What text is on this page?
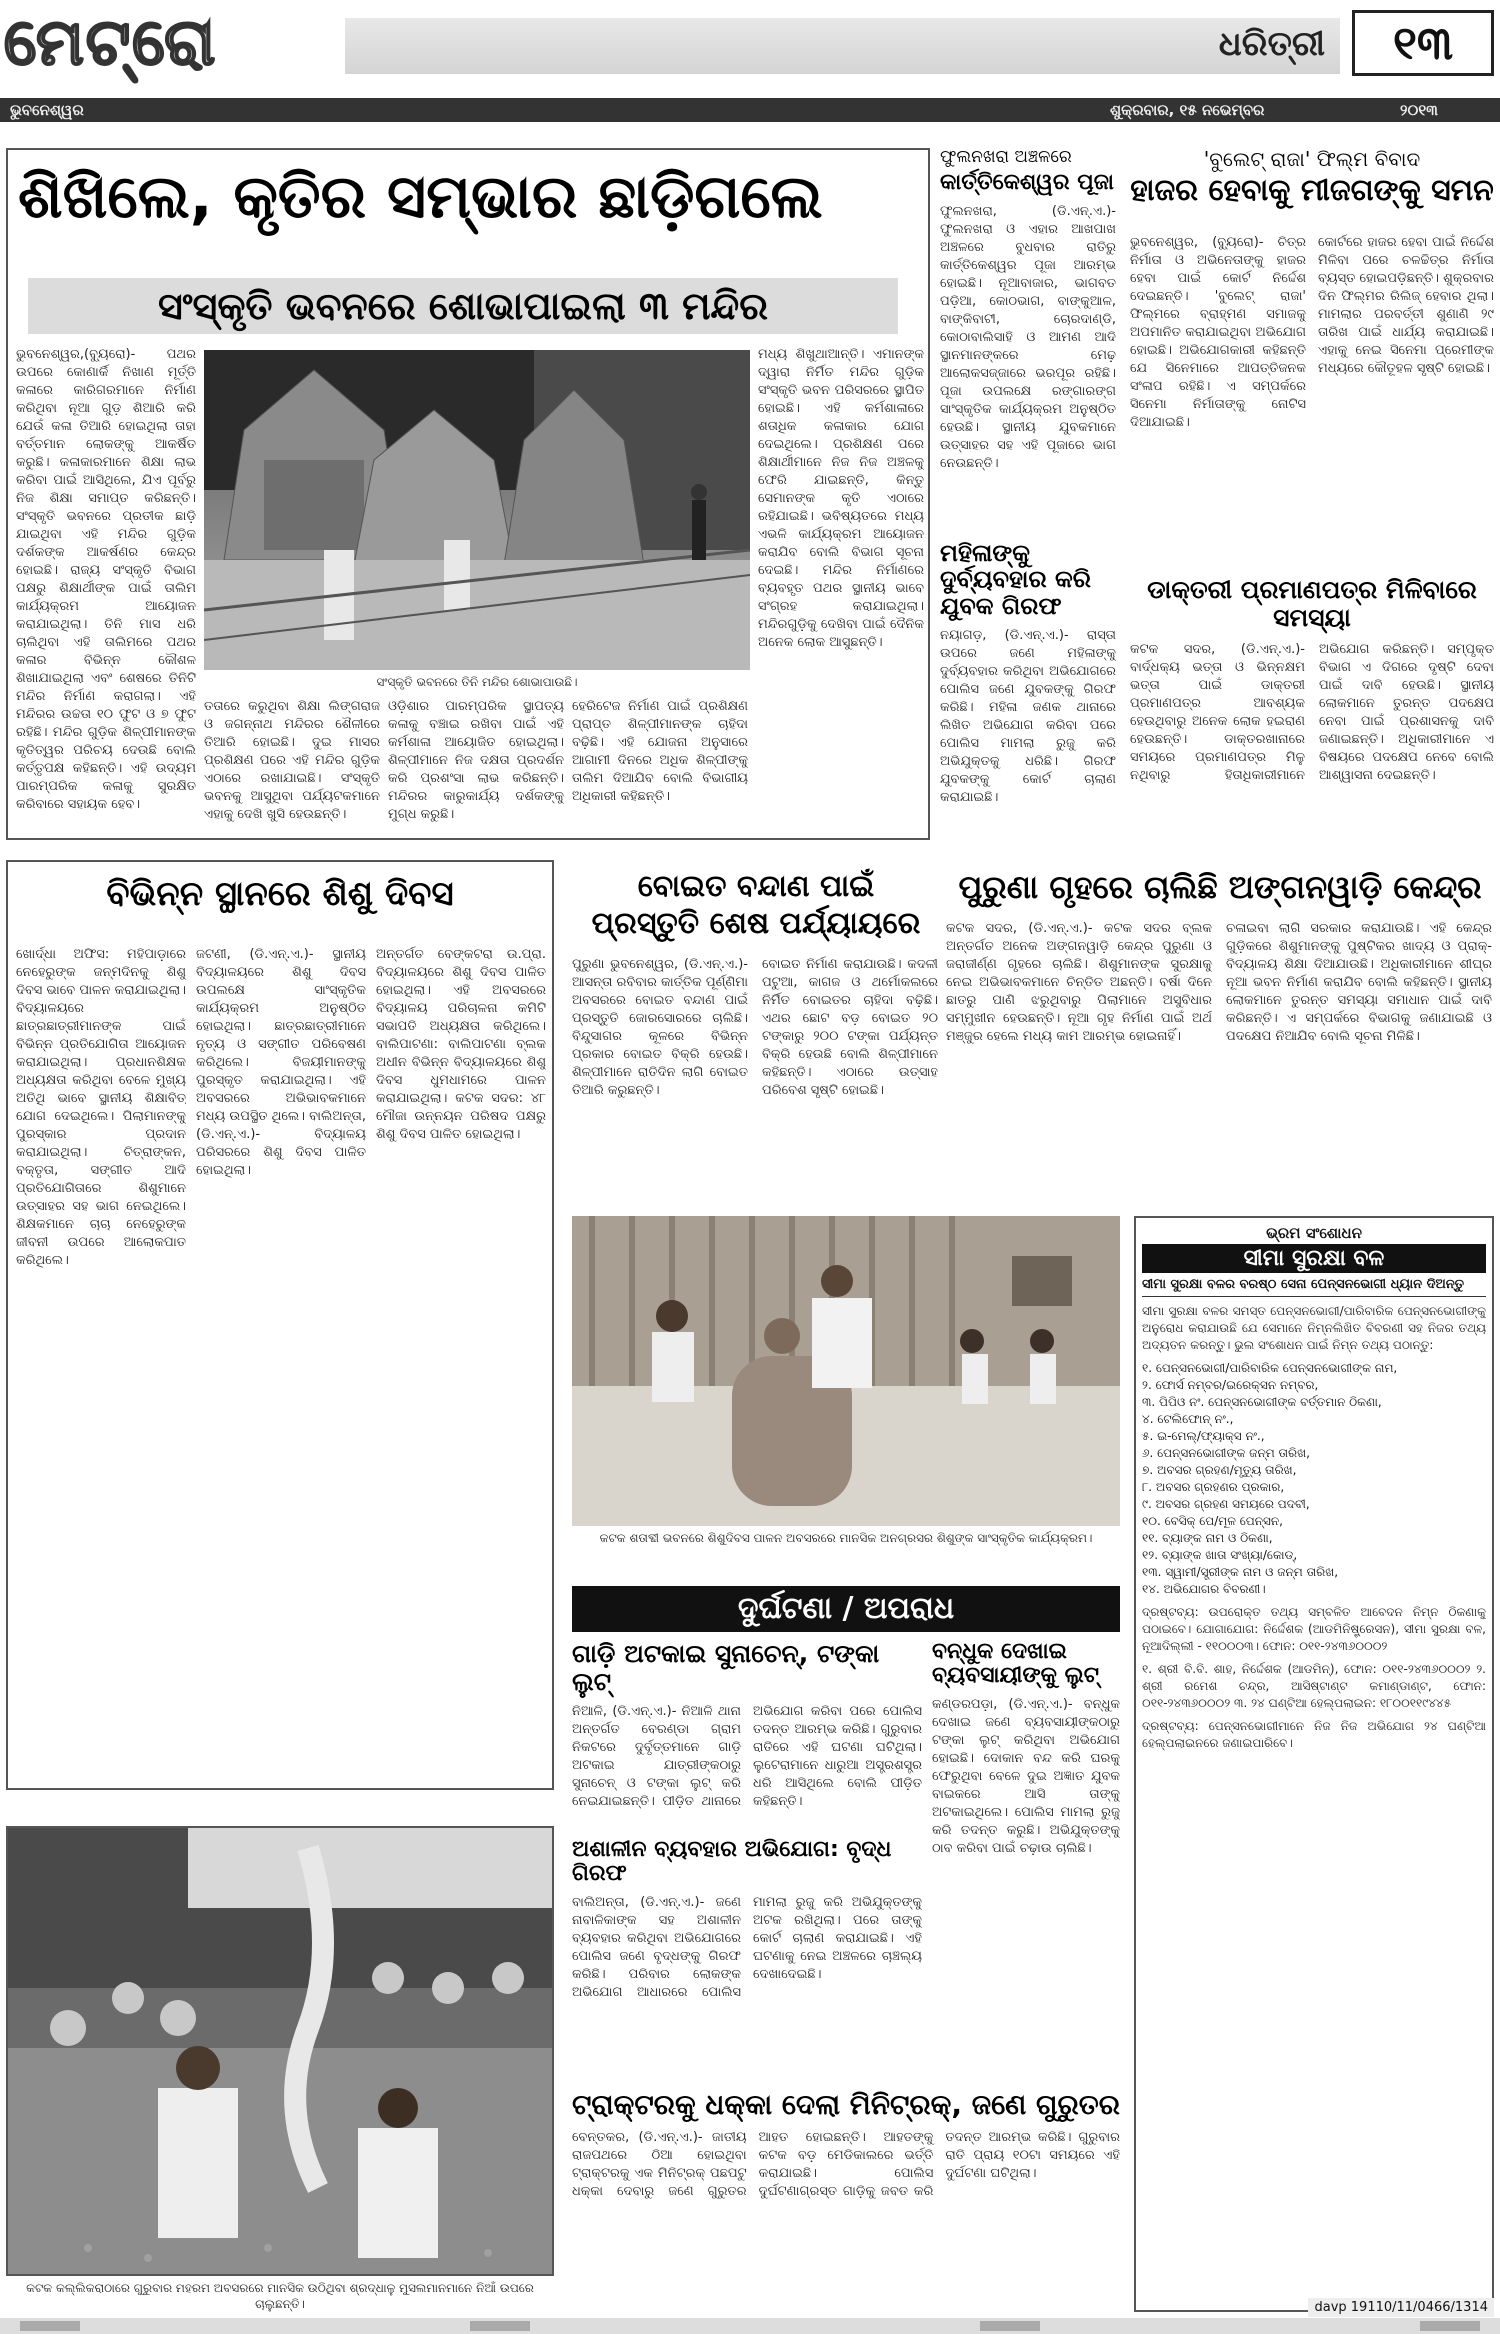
ମେଟ୍ରୋ	ଧରିତ୍ରୀ	୧୩
ଭୁବନେଶ୍ୱର	ଶୁକ୍ରବାର, ୧୫ ନଭେମ୍ବର	୨୦୧୩
ଶିଖିଲେ, କୃତିର ସମ୍ଭାର ଛାଡ଼ିଗଲେ
ସଂସ୍କୃତି ଭବନରେ ଶୋଭାପାଇଲା ୩ ମନ୍ଦିର
ଭୁବନେଶ୍ୱର,(ବ୍ୟୁରୋ)- ପଥର ଉପରେ କୋଣାର୍କି ନିଖାଣ ମୂର୍ତ୍ତି କଳାରେ କାରିଗରମାନେ ନିର୍ମାଣ କରିଥିବା ନୂଆ ଗୁଡ଼ ଶିଆରି କରି ଯେଉଁ କଳା ତିଆରି ହୋଇଥିଲା ତାହା ବର୍ତ୍ତମାନ ଲୋକଙ୍କୁ ଆକର୍ଷିତ କରୁଛି। କଳାକାରମାନେ ଶିକ୍ଷା ଲାଭ କରିବା ପାଇଁ ଆସିଥିଲେ, ଯିଏ ପୂର୍ବରୁ ନିଜ ଶିକ୍ଷା ସମାପ୍ତ କରିଛନ୍ତି। ସଂସ୍କୃତି ଭବନରେ ପ୍ରତୀକ ଛାଡ଼ି ଯାଇଥିବା ଏହି ମନ୍ଦିର ଗୁଡ଼ିକ ଦର୍ଶକଙ୍କ ଆକର୍ଷଣର କେନ୍ଦ୍ର ହୋଇଛି। ରାଜ୍ୟ ସଂସ୍କୃତି ବିଭାଗ ପକ୍ଷରୁ ଶିକ୍ଷାର୍ଥୀଙ୍କ ପାଇଁ ତାଲିମ କାର୍ଯ୍ୟକ୍ରମ ଆୟୋଜନ କରାଯାଇଥିଲା। ତିନି ମାସ ଧରି ଚାଲିଥିବା ଏହି ତାଲିମରେ ପଥର କଳାର ବିଭିନ୍ନ କୌଶଳ ଶିଖାଯାଇଥିଲା ଏବଂ ଶେଷରେ ତିନିଟି ମନ୍ଦିର ନିର୍ମାଣ କରାଗଲା। ଏହି ମନ୍ଦିରର ଉଚ୍ଚତା ୧୦ ଫୁଟ ଓ ୭ ଫୁଟ ରହିଛି। ମନ୍ଦିର ଗୁଡ଼ିକ ଶିଳ୍ପୀମାନଙ୍କ କୃତିତ୍ୱର ପରିଚୟ ଦେଉଛି ବୋଲି କର୍ତ୍ତୃପକ୍ଷ କହିଛନ୍ତି। ଏହି ଉଦ୍ୟମ ପାରମ୍ପରିକ କଳାକୁ ସୁରକ୍ଷିତ କରିବାରେ ସହାୟକ ହେବ।
ସଂସ୍କୃତି ଭବନରେ ତିନି ମନ୍ଦିର ଶୋଭାପାଉଛି।
ମଧ୍ୟ ଶିଖୁଥାଆନ୍ତି। ଏମାନଙ୍କ ଦ୍ୱାରା ନିର୍ମିତ ମନ୍ଦିର ଗୁଡ଼ିକ ସଂସ୍କୃତି ଭବନ ପରିସରରେ ସ୍ଥାପିତ ହୋଇଛି। ଏହି କର୍ମଶାଳାରେ ଶତାଧିକ କଳାକାର ଯୋଗ ଦେଇଥିଲେ। ପ୍ରଶିକ୍ଷଣ ପରେ ଶିକ୍ଷାର୍ଥୀମାନେ ନିଜ ନିଜ ଅଞ୍ଚଳକୁ ଫେରି ଯାଇଛନ୍ତି, କିନ୍ତୁ ସେମାନଙ୍କ କୃତି ଏଠାରେ ରହିଯାଇଛି। ଭବିଷ୍ୟତରେ ମଧ୍ୟ ଏଭଳି କାର୍ଯ୍ୟକ୍ରମ ଆୟୋଜନ କରାଯିବ ବୋଲି ବିଭାଗ ସୂଚନା ଦେଇଛି। ମନ୍ଦିର ନିର୍ମାଣରେ ବ୍ୟବହୃତ ପଥର ସ୍ଥାନୀୟ ଭାବେ ସଂଗ୍ରହ କରାଯାଇଥିଲା। ମନ୍ଦିରଗୁଡ଼ିକୁ ଦେଖିବା ପାଇଁ ଦୈନିକ ଅନେକ ଲୋକ ଆସୁଛନ୍ତି।
ତତାରେ କରୁଥିବା ଶିକ୍ଷା ଲିଙ୍ଗରାଜ ଓ ଜଗନ୍ନାଥ ମନ୍ଦିରର ଶୈଳୀରେ ତିଆରି ହୋଇଛି। ଦୁଇ ମାସର ପ୍ରଶିକ୍ଷଣ ପରେ ଏହି ମନ୍ଦିର ଗୁଡ଼ିକ ଏଠାରେ ରଖାଯାଇଛି। ସଂସ୍କୃତି ଭବନକୁ ଆସୁଥିବା ପର୍ଯ୍ୟଟକମାନେ ଏହାକୁ ଦେଖି ଖୁସି ହେଉଛନ୍ତି।
ଓଡ଼ିଶାର ପାରମ୍ପରିକ ସ୍ଥାପତ୍ୟ କଳାକୁ ବଞ୍ଚାଇ ରଖିବା ପାଇଁ ଏହି କର୍ମଶାଳା ଆୟୋଜିତ ହୋଇଥିଲା। ଶିଳ୍ପୀମାନେ ନିଜ ଦକ୍ଷତା ପ୍ରଦର୍ଶନ କରି ପ୍ରଶଂସା ଲାଭ କରିଛନ୍ତି। ମନ୍ଦିରର କାରୁକାର୍ଯ୍ୟ ଦର୍ଶକଙ୍କୁ ମୁଗ୍ଧ କରୁଛି।
ହେରିଟେଜ ନିର୍ମାଣ ପାଇଁ ପ୍ରଶିକ୍ଷଣ ପ୍ରାପ୍ତ ଶିଳ୍ପୀମାନଙ୍କ ଚାହିଦା ବଢ଼ିଛି। ଏହି ଯୋଜନା ଅନୁସାରେ ଆଗାମୀ ଦିନରେ ଅଧିକ ଶିଳ୍ପୀଙ୍କୁ ତାଲିମ ଦିଆଯିବ ବୋଲି ବିଭାଗୀୟ ଅଧିକାରୀ କହିଛନ୍ତି।
ଫୁଲନଖରା ଅଞ୍ଚଳରେ
କାର୍ତ୍ତିକେଶ୍ୱର ପୂଜା
ଫୁଲନଖରା, (ଡି.ଏନ୍.ଏ.)- ଫୁଲନଖରା ଓ ଏହାର ଆଖପାଖ ଅଞ୍ଚଳରେ ବୁଧବାର ରାତିରୁ କାର୍ତ୍ତିକେଶ୍ୱର ପୂଜା ଆରମ୍ଭ ହୋଇଛି। ନୂଆବାଜାର, ଭାଗବତ ପଡ଼ିଆ, କୋଠଭାଗ, ବାଙ୍କୁଆଳ, ବାଙ୍କିବାଟୀ, ଚୋରଦାଣ୍ଡି, କୋଠାବାଲିସାହି ଓ ଆମଣ ଆଦି ସ୍ଥାନମାନଙ୍କରେ ମେଢ଼ ଆଲୋକସଜ୍ଜାରେ ଭରପୂର ରହିଛି। ପୂଜା ଉପଲକ୍ଷେ ରଙ୍ଗାରଙ୍ଗ ସାଂସ୍କୃତିକ କାର୍ଯ୍ୟକ୍ରମ ଅନୁଷ୍ଠିତ ହେଉଛି। ସ୍ଥାନୀୟ ଯୁବକମାନେ ଉତ୍ସାହର ସହ ଏହି ପୂଜାରେ ଭାଗ ନେଉଛନ୍ତି।
ମହିଳାଙ୍କୁ ଦୁର୍ବ୍ୟବହାର କରି ଯୁବକ ଗିରଫ
ନୟାଗଡ଼, (ଡି.ଏନ୍.ଏ.)- ରାସ୍ତା ଉପରେ ଜଣେ ମହିଳାଙ୍କୁ ଦୁର୍ବ୍ୟବହାର କରିଥିବା ଅଭିଯୋଗରେ ପୋଲିସ ଜଣେ ଯୁବକଙ୍କୁ ଗିରଫ କରିଛି। ମହିଳା ଜଣକ ଥାନାରେ ଲିଖିତ ଅଭିଯୋଗ କରିବା ପରେ ପୋଲିସ ମାମଲା ରୁଜୁ କରି ଅଭିଯୁକ୍ତକୁ ଧରିଛି। ଗିରଫ ଯୁବକଙ୍କୁ କୋର୍ଟ ଚାଲାଣ କରାଯାଇଛି।
'ବୁଲେଟ୍ ରାଜା' ଫିଲ୍ମ ବିବାଦ
ହାଜର ହେବାକୁ ମୀଜଗଙ୍କୁ ସମନ
ଭୁବନେଶ୍ୱର, (ବ୍ୟୁରୋ)- ଚିତ୍ର ନିର୍ମାତା ଓ ଅଭିନେତାଙ୍କୁ ହାଜର ହେବା ପାଇଁ କୋର୍ଟ ନିର୍ଦ୍ଦେଶ ଦେଇଛନ୍ତି। 'ବୁଲେଟ୍ ରାଜା' ଫିଲ୍ମରେ ବ୍ରାହ୍ମଣ ସମାଜକୁ ଅପମାନିତ କରାଯାଇଥିବା ଅଭିଯୋଗ ହୋଇଛି। ଅଭିଯୋଗକାରୀ କହିଛନ୍ତି ଯେ ସିନେମାରେ ଆପତ୍ତିଜନକ ସଂଳାପ ରହିଛି। ଏ ସମ୍ପର୍କରେ ସିନେମା ନିର୍ମାତାଙ୍କୁ ନୋଟିସ ଦିଆଯାଇଛି।
କୋର୍ଟରେ ହାଜର ହେବା ପାଇଁ ନିର୍ଦ୍ଦେଶ ମିଳିବା ପରେ ଚଳଚ୍ଚିତ୍ର ନିର୍ମାତା ବ୍ୟସ୍ତ ହୋଇପଡ଼ିଛନ୍ତି। ଶୁକ୍ରବାର ଦିନ ଫିଲ୍ମର ରିଲିଜ୍ ହେବାର ଥିଲା। ମାମଲାର ପରବର୍ତ୍ତୀ ଶୁଣାଣି ୨୯ ତାରିଖ ପାଇଁ ଧାର୍ଯ୍ୟ କରାଯାଇଛି। ଏହାକୁ ନେଇ ସିନେମା ପ୍ରେମୀଙ୍କ ମଧ୍ୟରେ କୌତୂହଳ ସୃଷ୍ଟି ହୋଇଛି।
ଡାକ୍ତରୀ ପ୍ରମାଣପତ୍ର ମିଳିବାରେ ସମସ୍ୟା
କଟକ ସଦର, (ଡି.ଏନ୍.ଏ.)- ବାର୍ଦ୍ଧକ୍ୟ ଭତ୍ତା ଓ ଭିନ୍ନକ୍ଷମ ଭତ୍ତା ପାଇଁ ଡାକ୍ତରୀ ପ୍ରମାଣପତ୍ର ଆବଶ୍ୟକ ହେଉଥିବାରୁ ଅନେକ ଲୋକ ହଇରାଣ ହେଉଛନ୍ତି। ଡାକ୍ତରଖାନାରେ ସମୟରେ ପ୍ରମାଣପତ୍ର ମିଳୁ ନଥିବାରୁ ହିତାଧିକାରୀମାନେ ଅଭିଯୋଗ କରିଛନ୍ତି। ସମ୍ପୃକ୍ତ ବିଭାଗ ଏ ଦିଗରେ ଦୃଷ୍ଟି ଦେବା ପାଇଁ ଦାବି ହେଉଛି। ସ୍ଥାନୀୟ ଲୋକମାନେ ତୁରନ୍ତ ପଦକ୍ଷେପ ନେବା ପାଇଁ ପ୍ରଶାସନକୁ ଦାବି ଜଣାଇଛନ୍ତି। ଅଧିକାରୀମାନେ ଏ ବିଷୟରେ ପଦକ୍ଷେପ ନେବେ ବୋଲି ଆଶ୍ୱାସନା ଦେଇଛନ୍ତି।
ବିଭିନ୍ନ ସ୍ଥାନରେ ଶିଶୁ ଦିବସ
ଖୋର୍ଦ୍ଧା ଅଫିସ: ମହିପାଡ଼ାରେ ନେହେରୁଙ୍କ ଜନ୍ମଦିନକୁ ଶିଶୁ ଦିବସ ଭାବେ ପାଳନ କରାଯାଇଥିଲା। ବିଦ୍ୟାଳୟରେ ଛାତ୍ରଛାତ୍ରୀମାନଙ୍କ ପାଇଁ ବିଭିନ୍ନ ପ୍ରତିଯୋଗିତା ଆୟୋଜନ କରାଯାଇଥିଲା। ପ୍ରଧାନଶିକ୍ଷକ ଅଧ୍ୟକ୍ଷତା କରିଥିବା ବେଳେ ମୁଖ୍ୟ ଅତିଥି ଭାବେ ସ୍ଥାନୀୟ ଶିକ୍ଷାବିତ୍ ଯୋଗ ଦେଇଥିଲେ। ପିଲାମାନଙ୍କୁ ପୁରସ୍କାର ପ୍ରଦାନ କରାଯାଇଥିଲା। ଚିତ୍ରାଙ୍କନ, ବକ୍ତୃତା, ସଙ୍ଗୀତ ଆଦି ପ୍ରତିଯୋଗିତାରେ ଶିଶୁମାନେ ଉତ୍ସାହର ସହ ଭାଗ ନେଇଥିଲେ। ଶିକ୍ଷକମାନେ ଚାଚା ନେହେରୁଙ୍କ ଜୀବନୀ ଉପରେ ଆଲୋକପାତ କରିଥିଲେ।
ଜଟଣୀ, (ଡି.ଏନ୍.ଏ.)- ସ୍ଥାନୀୟ ବିଦ୍ୟାଳୟରେ ଶିଶୁ ଦିବସ ଉପଲକ୍ଷେ ସାଂସ୍କୃତିକ କାର୍ଯ୍ୟକ୍ରମ ଅନୁଷ୍ଠିତ ହୋଇଥିଲା। ଛାତ୍ରଛାତ୍ରୀମାନେ ନୃତ୍ୟ ଓ ସଙ୍ଗୀତ ପରିବେଷଣ କରିଥିଲେ। ବିଜୟୀମାନଙ୍କୁ ପୁରସ୍କୃତ କରାଯାଇଥିଲା। ଏହି ଅବସରରେ ଅଭିଭାବକମାନେ ମଧ୍ୟ ଉପସ୍ଥିତ ଥିଲେ। ବାଲିଅନ୍ତା, (ଡି.ଏନ୍.ଏ.)- ବିଦ୍ୟାଳୟ ପରିସରରେ ଶିଶୁ ଦିବସ ପାଳିତ ହୋଇଥିଲା।
ଅନ୍ତର୍ଗତ ବେଙ୍କଟରା ଉ.ପ୍ରା. ବିଦ୍ୟାଳୟରେ ଶିଶୁ ଦିବସ ପାଳିତ ହୋଇଥିଲା। ଏହି ଅବସରରେ ବିଦ୍ୟାଳୟ ପରିଚାଳନା କମିଟି ସଭାପତି ଅଧ୍ୟକ୍ଷତା କରିଥିଲେ। ବାଲିପାଟଣା: ବାଲିପାଟଣା ବ୍ଲକ ଅଧୀନ ବିଭିନ୍ନ ବିଦ୍ୟାଳୟରେ ଶିଶୁ ଦିବସ ଧୁମଧାମରେ ପାଳନ କରାଯାଇଥିଲା। କଟକ ସଦର: ୪୮ ମୌଜା ଉନ୍ନୟନ ପରିଷଦ ପକ୍ଷରୁ ଶିଶୁ ଦିବସ ପାଳିତ ହୋଇଥିଲା।
ବୋଇତ ବନ୍ଦାଣ ପାଇଁ
ପ୍ରସ୍ତୁତି ଶେଷ ପର୍ଯ୍ୟାୟରେ
ପୁରୁଣା ଭୁବନେଶ୍ୱର, (ଡି.ଏନ୍.ଏ.)- ଆସନ୍ତା ରବିବାର କାର୍ତ୍ତିକ ପୂର୍ଣ୍ଣିମା ଅବସରରେ ବୋଇତ ବନ୍ଦାଣ ପାଇଁ ପ୍ରସ୍ତୁତି ଜୋରସୋରରେ ଚାଲିଛି। ବିନ୍ଦୁସାଗର କୂଳରେ ବିଭିନ୍ନ ପ୍ରକାର ବୋଇତ ବିକ୍ରି ହେଉଛି। ଶିଳ୍ପୀମାନେ ରାତିଦିନ ଲାଗି ବୋଇତ ତିଆରି କରୁଛନ୍ତି।
ବୋଇତ ନିର୍ମାଣ କରାଯାଉଛି। କଦଳୀ ପଟୁଆ, କାଗଜ ଓ ଥର୍ମୋକଲରେ ନିର୍ମିତ ବୋଇତର ଚାହିଦା ବଢ଼ିଛି। ଏଥର ଛୋଟ ବଡ଼ ବୋଇତ ୨୦ ଟଙ୍କାରୁ ୨୦୦ ଟଙ୍କା ପର୍ଯ୍ୟନ୍ତ ବିକ୍ରି ହେଉଛି ବୋଲି ଶିଳ୍ପୀମାନେ କହିଛନ୍ତି। ଏଠାରେ ଉତ୍ସାହ ପରିବେଶ ସୃଷ୍ଟି ହୋଇଛି।
ପୁରୁଣା ଗୃହରେ ଚାଲିଛି ଅଙ୍ଗନୱାଡ଼ି କେନ୍ଦ୍ର
କଟକ ସଦର, (ଡି.ଏନ୍.ଏ.)- କଟକ ସଦର ବ୍ଲକ ଅନ୍ତର୍ଗତ ଅନେକ ଅଙ୍ଗନୱାଡ଼ି କେନ୍ଦ୍ର ପୁରୁଣା ଓ ଜରାଜୀର୍ଣ୍ଣ ଗୃହରେ ଚାଲିଛି। ଶିଶୁମାନଙ୍କ ସୁରକ୍ଷାକୁ ନେଇ ଅଭିଭାବକମାନେ ଚିନ୍ତିତ ଅଛନ୍ତି। ବର୍ଷା ଦିନେ ଛାତରୁ ପାଣି ଝରୁଥିବାରୁ ପିଲାମାନେ ଅସୁବିଧାର ସମ୍ମୁଖୀନ ହେଉଛନ୍ତି। ନୂଆ ଗୃହ ନିର୍ମାଣ ପାଇଁ ଅର୍ଥ ମଞ୍ଜୁର ହେଲେ ମଧ୍ୟ କାମ ଆରମ୍ଭ ହୋଇନାହିଁ।
ଚଳାଇବା ଲାଗି ସରକାର କରାଯାଉଛି। ଏହି କେନ୍ଦ୍ର ଗୁଡ଼ିକରେ ଶିଶୁମାନଙ୍କୁ ପୁଷ୍ଟିକର ଖାଦ୍ୟ ଓ ପ୍ରାକ୍-ବିଦ୍ୟାଳୟ ଶିକ୍ଷା ଦିଆଯାଉଛି। ଅଧିକାରୀମାନେ ଶୀଘ୍ର ନୂଆ ଭବନ ନିର୍ମାଣ କରାଯିବ ବୋଲି କହିଛନ୍ତି। ସ୍ଥାନୀୟ ଲୋକମାନେ ତୁରନ୍ତ ସମସ୍ୟା ସମାଧାନ ପାଇଁ ଦାବି କରିଛନ୍ତି। ଏ ସମ୍ପର୍କରେ ବିଭାଗକୁ ଜଣାଯାଇଛି ଓ ପଦକ୍ଷେପ ନିଆଯିବ ବୋଲି ସୂଚନା ମିଳିଛି।
କଟକ ଶତାବ୍ଦୀ ଭବନରେ ଶିଶୁଦିବସ ପାଳନ ଅବସରରେ ମାନସିକ ଅନଗ୍ରସର ଶିଶୁଙ୍କ ସାଂସ୍କୃତିକ କାର୍ଯ୍ୟକ୍ରମ।
ଭ୍ରମ ସଂଶୋଧନ
ସୀମା ସୁରକ୍ଷା ବଳ
ସୀମା ସୁରକ୍ଷା ବଳର ବରଷ୍ଠ ସେନା ପେନ୍‌ସନଭୋଗୀ ଧ୍ୟାନ ଦିଅନ୍ତୁ
ସୀମା ସୁରକ୍ଷା ବଳର ସମସ୍ତ ପେନ୍‌ସନଭୋଗୀ/ପାରିବାରିକ ପେନ୍‌ସନଭୋଗୀଙ୍କୁ ଅନୁରୋଧ କରାଯାଉଛି ଯେ ସେମାନେ ନିମ୍ନଲିଖିତ ବିବରଣୀ ସହ ନିଜର ତଥ୍ୟ ଅଦ୍ୟତନ କରନ୍ତୁ। ଭୁଲ ସଂଶୋଧନ ପାଇଁ ନିମ୍ନ ତଥ୍ୟ ପଠାନ୍ତୁ:
୧. ପେନ୍‌ସନଭୋଗୀ/ପାରିବାରିକ ପେନ୍‌ସନଭୋଗୀଙ୍କ ନାମ,
୨. ଫୋର୍ସ ନମ୍ବର/ଇରେକ୍ସନ ନମ୍ବର,
୩. ପିପିଓ ନଂ. ପେନ୍‌ସନଭୋଗୀଙ୍କ ବର୍ତ୍ତମାନ ଠିକଣା,
୪. ଟେଲିଫୋନ୍ ନଂ.,
୫. ଇ-ମେଲ୍/ଫ୍ୟାକ୍ସ ନଂ.,
୬. ପେନ୍‌ସନଭୋଗୀଙ୍କ ଜନ୍ମ ତାରିଖ,
୭. ଅବସର ଗ୍ରହଣ/ମୃତ୍ୟୁ ତାରିଖ,
୮. ଅବସର ଗ୍ରହଣର ପ୍ରକାର,
୯. ଅବସର ଗ୍ରହଣ ସମୟରେ ପଦବୀ,
୧୦. ବେସିକ୍ ପେ/ମୂଳ ପେନ୍‌ସନ,
୧୧. ବ୍ୟାଙ୍କ ନାମ ଓ ଠିକଣା,
୧୨. ବ୍ୟାଙ୍କ ଖାତା ସଂଖ୍ୟା/କୋଡ୍,
୧୩. ସ୍ୱାମୀ/ସ୍ତ୍ରୀଙ୍କ ନାମ ଓ ଜନ୍ମ ତାରିଖ,
୧୪. ଅଭିଯୋଗର ବିବରଣୀ।
ଦ୍ରଷ୍ଟବ୍ୟ: ଉପରୋକ୍ତ ତଥ୍ୟ ସମ୍ବଳିତ ଆବେଦନ ନିମ୍ନ ଠିକଣାକୁ ପଠାଇବେ। ଯୋଗାଯୋଗ: ନିର୍ଦ୍ଦେଶକ (ଆଡମିନିଷ୍ଟ୍ରେସନ), ସୀମା ସୁରକ୍ଷା ବଳ, ନୂଆଦିଲ୍ଲୀ - ୧୧୦୦୦୩। ଫୋନ: ୦୧୧-୨୪୩୬୦୦୦୨
୧. ଶ୍ରୀ ବି.ବି. ଶାହ, ନିର୍ଦ୍ଦେଶକ (ଆଡମିନ୍), ଫୋନ: ୦୧୧-୨୪୩୬୦୦୦୨ ୨. ଶ୍ରୀ ରମେଶ ଚନ୍ଦ୍ର, ଆସିଷ୍ଟାଣ୍ଟ କମାଣ୍ଡାଣ୍ଟ, ଫୋନ: ୦୧୧-୨୪୩୬୦୦୦୨ ୩. ୨୪ ଘଣ୍ଟିଆ ହେଲ୍ପଲାଇନ: ୧୮୦୦୧୧୯୪୪୫
ଦ୍ରଷ୍ଟବ୍ୟ: ପେନ୍‌ସନଭୋଗୀମାନେ ନିଜ ନିଜ ଅଭିଯୋଗ ୨୪ ଘଣ୍ଟିଆ ହେଲ୍ପଲାଇନରେ ଜଣାଇପାରିବେ।
davp 19110/11/0466/1314
ଦୁର୍ଘଟଣା / ଅପରାଧ
ଗାଡ଼ି ଅଟକାଇ ସୁନାଚେନ୍, ଟଙ୍କା ଲୁଟ୍
ନିଆଳି, (ଡି.ଏନ୍.ଏ.)- ନିଆଳି ଥାନା ଅନ୍ତର୍ଗତ ବେରଣ୍ଡା ଗ୍ରାମ ନିକଟରେ ଦୁର୍ବୃତ୍ତମାନେ ଗାଡ଼ି ଅଟକାଇ ଯାତ୍ରୀଙ୍କଠାରୁ ସୁନାଚେନ୍ ଓ ଟଙ୍କା ଲୁଟ୍ କରି ନେଇଯାଇଛନ୍ତି। ପୀଡ଼ିତ ଥାନାରେ ଅଭିଯୋଗ କରିବା ପରେ ପୋଲିସ ତଦନ୍ତ ଆରମ୍ଭ କରିଛି। ଗୁରୁବାର ରାତିରେ ଏହି ଘଟଣା ଘଟିଥିଲା। ଲୁଟେରାମାନେ ଧାରୁଆ ଅସ୍ତ୍ରଶସ୍ତ୍ର ଧରି ଆସିଥିଲେ ବୋଲି ପୀଡ଼ିତ କହିଛନ୍ତି।
ବନ୍ଧୁକ ଦେଖାଇ ବ୍ୟବସାୟୀଙ୍କୁ ଲୁଟ୍
କଣ୍ଡରପଡ଼ା, (ଡି.ଏନ୍.ଏ.)- ବନ୍ଧୁକ ଦେଖାଇ ଜଣେ ବ୍ୟବସାୟୀଙ୍କଠାରୁ ଟଙ୍କା ଲୁଟ୍ କରିଥିବା ଅଭିଯୋଗ ହୋଇଛି। ଦୋକାନ ବନ୍ଦ କରି ଘରକୁ ଫେରୁଥିବା ବେଳେ ଦୁଇ ଅଜ୍ଞାତ ଯୁବକ ବାଇକରେ ଆସି ତାଙ୍କୁ ଅଟକାଇଥିଲେ। ପୋଲିସ ମାମଲା ରୁଜୁ କରି ତଦନ୍ତ କରୁଛି। ଅଭିଯୁକ୍ତଙ୍କୁ ଠାବ କରିବା ପାଇଁ ଚଢ଼ାଉ ଚାଲିଛି।
ଅଶାଳୀନ ବ୍ୟବହାର ଅଭିଯୋଗ: ବୃଦ୍ଧ ଗିରଫ
ବାଲିଅନ୍ତା, (ଡି.ଏନ୍.ଏ.)- ଜଣେ ନାବାଳିକାଙ୍କ ସହ ଅଶାଳୀନ ବ୍ୟବହାର କରିଥିବା ଅଭିଯୋଗରେ ପୋଲିସ ଜଣେ ବୃଦ୍ଧଙ୍କୁ ଗିରଫ କରିଛି। ପରିବାର ଲୋକଙ୍କ ଅଭିଯୋଗ ଆଧାରରେ ପୋଲିସ ମାମଲା ରୁଜୁ କରି ଅଭିଯୁକ୍ତଙ୍କୁ ଅଟକ ରଖିଥିଲା। ପରେ ତାଙ୍କୁ କୋର୍ଟ ଚାଲାଣ କରାଯାଇଛି। ଏହି ଘଟଣାକୁ ନେଇ ଅଞ୍ଚଳରେ ଚାଞ୍ଚଲ୍ୟ ଦେଖାଦେଇଛି।
ଟ୍ରାକ୍ଟରକୁ ଧକ୍କା ଦେଲା ମିନିଟ୍ରକ୍, ଜଣେ ଗୁରୁତର
ବେନ୍ତକର, (ଡି.ଏନ୍.ଏ.)- ଜାତୀୟ ରାଜପଥରେ ଠିଆ ହୋଇଥିବା ଟ୍ରାକ୍ଟରକୁ ଏକ ମିନିଟ୍ରକ୍ ପଛପଟୁ ଧକ୍କା ଦେବାରୁ ଜଣେ ଗୁରୁତର ଆହତ ହୋଇଛନ୍ତି। ଆହତଙ୍କୁ କଟକ ବଡ଼ ମେଡିକାଲରେ ଭର୍ତ୍ତି କରାଯାଇଛି। ପୋଲିସ ଦୁର୍ଘଟଣାଗ୍ରସ୍ତ ଗାଡ଼ିକୁ ଜବତ କରି ତଦନ୍ତ ଆରମ୍ଭ କରିଛି। ଗୁରୁବାର ରାତି ପ୍ରାୟ ୧୦ଟା ସମୟରେ ଏହି ଦୁର୍ଘଟଣା ଘଟିଥିଲା।
କଟକ କଲ୍ଲିକରାଠାରେ ଗୁରୁବାର ମହରମ ଅବସରରେ ମାନସିକ ଉଠିଥିବା ଶ୍ରଦ୍ଧାଳୁ ମୁସଲମାନମାନେ ନିଆଁ ଉପରେ ଚାଲୁଛନ୍ତି।
